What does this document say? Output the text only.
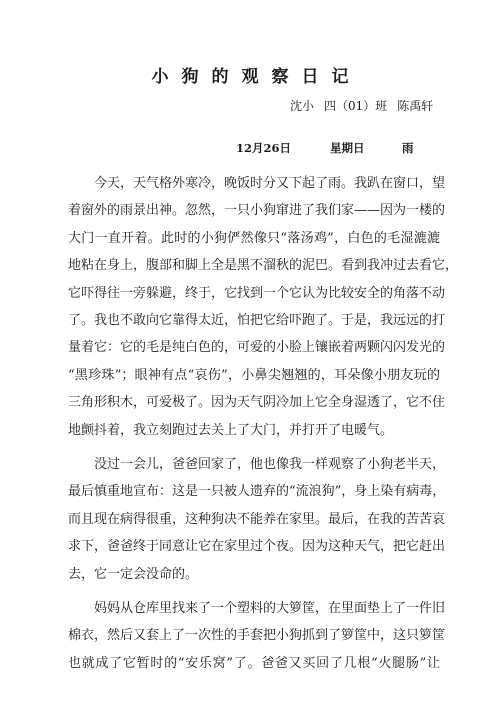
小狗的观察日记
沈小 四（01）班 陈禹轩
12月26日	星期日	雨
今天，天气格外寒冷，晚饭时分又下起了雨。我趴在窗口，望
着窗外的雨景出神。忽然，一只小狗窜进了我们家——因为一楼的
大门一直开着。此时的小狗俨然像只“落汤鸡”，白色的毛湿漉漉
地粘在身上，腹部和脚上全是黑不溜秋的泥巴。看到我冲过去看它，
它吓得往一旁躲避，终于，它找到一个它认为比较安全的角落不动
了。我也不敢向它靠得太近，怕把它给吓跑了。于是，我远远的打
量着它：它的毛是纯白色的，可爱的小脸上镶嵌着两颗闪闪发光的
“黑珍珠”；眼神有点“哀伤”，小鼻尖翘翘的，耳朵像小朋友玩的
三角形积木，可爱极了。因为天气阴冷加上它全身湿透了，它不住
地颤抖着，我立刻跑过去关上了大门，并打开了电暖气。
没过一会儿，爸爸回家了，他也像我一样观察了小狗老半天，
最后慎重地宣布：这是一只被人遗弃的“流浪狗”，身上染有病毒，
而且现在病得很重，这种狗决不能养在家里。最后，在我的苦苦哀
求下，爸爸终于同意让它在家里过个夜。因为这种天气，把它赶出
去，它一定会没命的。
妈妈从仓库里找来了一个塑料的大箩筐，在里面垫上了一件旧
棉衣，然后又套上了一次性的手套把小狗抓到了箩筐中，这只箩筐
也就成了它暂时的“安乐窝”了。爸爸又买回了几根“火腿肠”让
